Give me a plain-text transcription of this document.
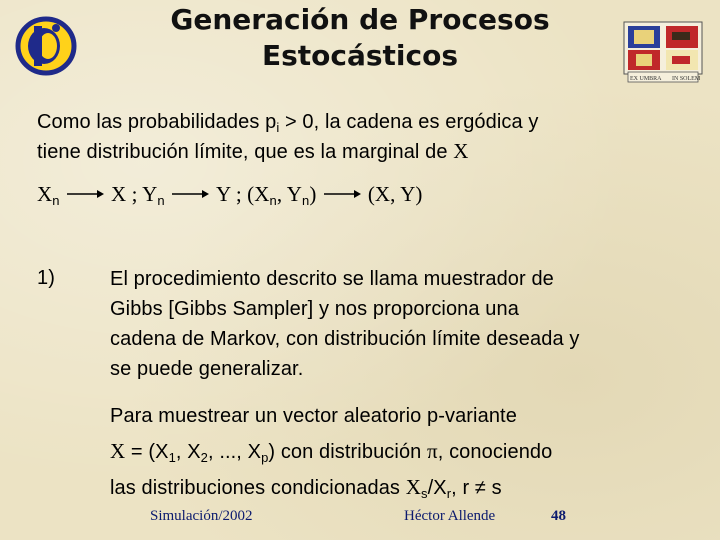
Generación de Procesos
Estocásticos
EX UMBRA IN SOLEM
Como las probabilidades $p_i > 0$, la cadena es ergódica y
tiene distribución límite, que es la marginal de X
$X_n$ X ; $Y_n$ Y ; ($X_n$, $Y_n$) (X, Y)
1)	El procedimiento descrito se llama muestrador de
Gibbs [Gibbs Sampler] y nos proporciona una
cadena de Markov, con distribución límite deseada y
se puede generalizar.
Para muestrear un vector aleatorio p-variante
$X = (X_1$, $X_2$, ..., $X_p$) con distribución π, conociendo
las distribuciones condicionadas $X_s/X_r$, r ≠ s
Simulación/2002	Héctor Allende	48
